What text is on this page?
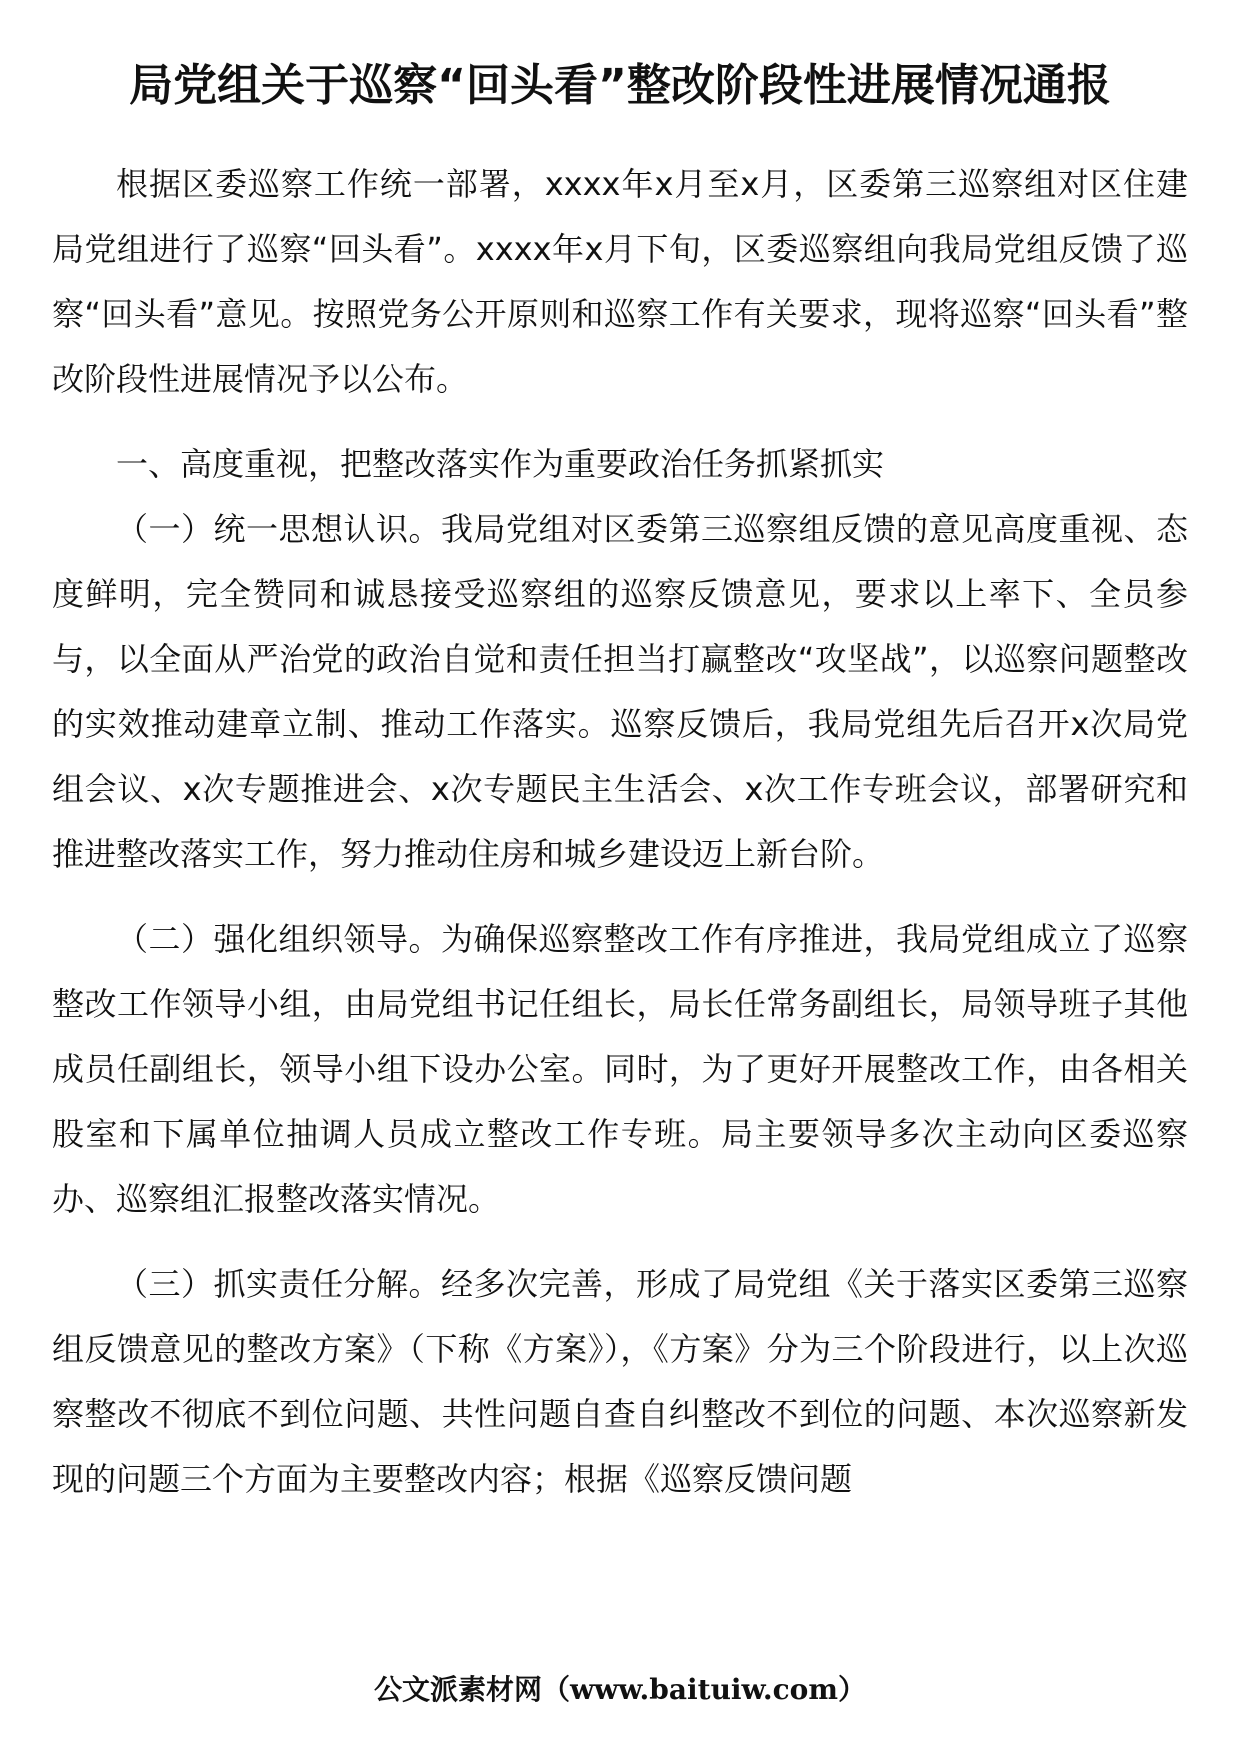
局党组关于巡察“回头看”整改阶段性进展情况通报

根据区委巡察工作统一部署，xxxx年x月至x月，区委第三巡察组对区住建局党组进行了巡察“回头看”。xxxx年x月下旬，区委巡察组向我局党组反馈了巡察“回头看”意见。按照党务公开原则和巡察工作有关要求，现将巡察“回头看”整改阶段性进展情况予以公布。

一、高度重视，把整改落实作为重要政治任务抓紧抓实

（一）统一思想认识。我局党组对区委第三巡察组反馈的意见高度重视、态度鲜明，完全赞同和诚恳接受巡察组的巡察反馈意见，要求以上率下、全员参与，以全面从严治党的政治自觉和责任担当打赢整改“攻坚战”，以巡察问题整改的实效推动建章立制、推动工作落实。巡察反馈后，我局党组先后召开x次局党组会议、x次专题推进会、x次专题民主生活会、x次工作专班会议，部署研究和推进整改落实工作，努力推动住房和城乡建设迈上新台阶。

（二）强化组织领导。为确保巡察整改工作有序推进，我局党组成立了巡察整改工作领导小组，由局党组书记任组长，局长任常务副组长，局领导班子其他成员任副组长，领导小组下设办公室。同时，为了更好开展整改工作，由各相关股室和下属单位抽调人员成立整改工作专班。局主要领导多次主动向区委巡察办、巡察组汇报整改落实情况。

（三）抓实责任分解。经多次完善，形成了局党组《关于落实区委第三巡察组反馈意见的整改方案》（下称《方案》），《方案》分为三个阶段进行，以上次巡察整改不彻底不到位问题、共性问题自查自纠整改不到位的问题、本次巡察新发现的问题三个方面为主要整改内容；根据《巡察反馈问题

公文派素材网（www.baituiw.com）
